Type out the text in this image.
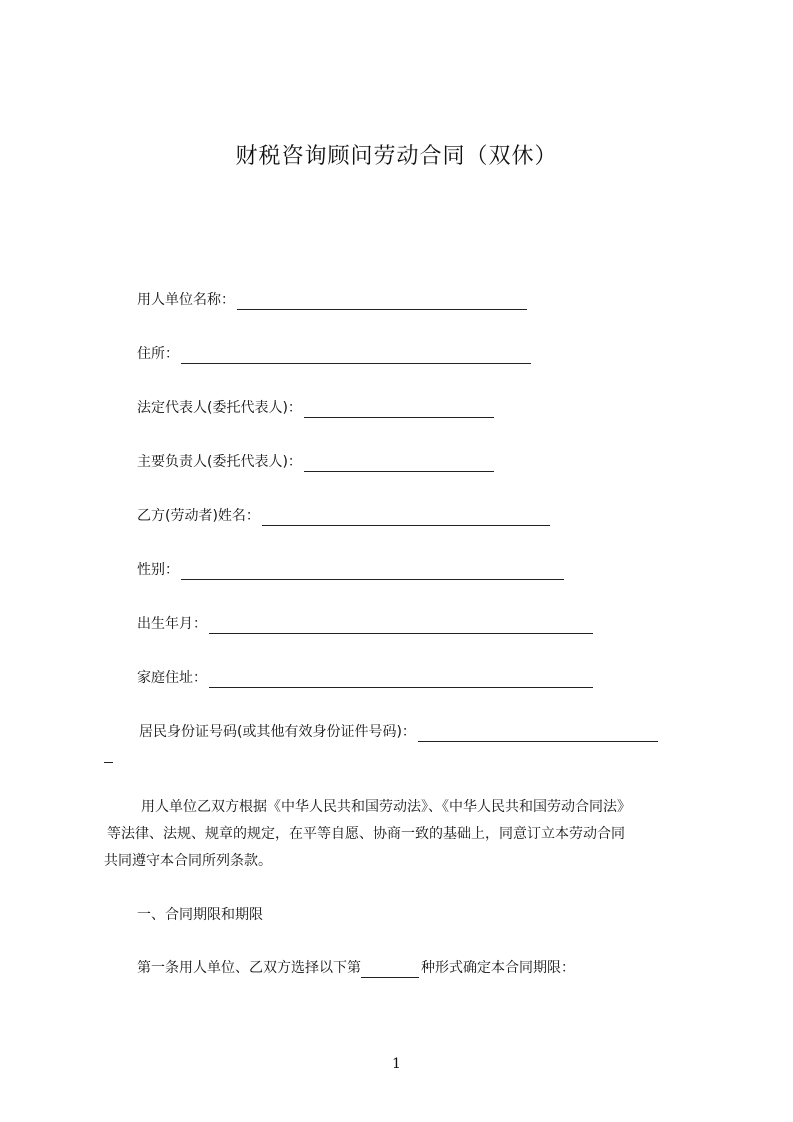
财税咨询顾问劳动合同（双休）
用人单位名称：
住所：
法定代表人(委托代表人)：
主要负责人(委托代表人)：
乙方(劳动者)姓名：
性别：
出生年月：
家庭住址：
居民身份证号码(或其他有效身份证件号码)：
用人单位乙双方根据《中华人民共和国劳动法》、《中华人民共和国劳动合同法》
等法律、法规、规章的规定，在平等自愿、协商一致的基础上，同意订立本劳动合同
共同遵守本合同所列条款。
一、合同期限和期限
第一条用人单位、乙双方选择以下第	种形式确定本合同期限：
1
